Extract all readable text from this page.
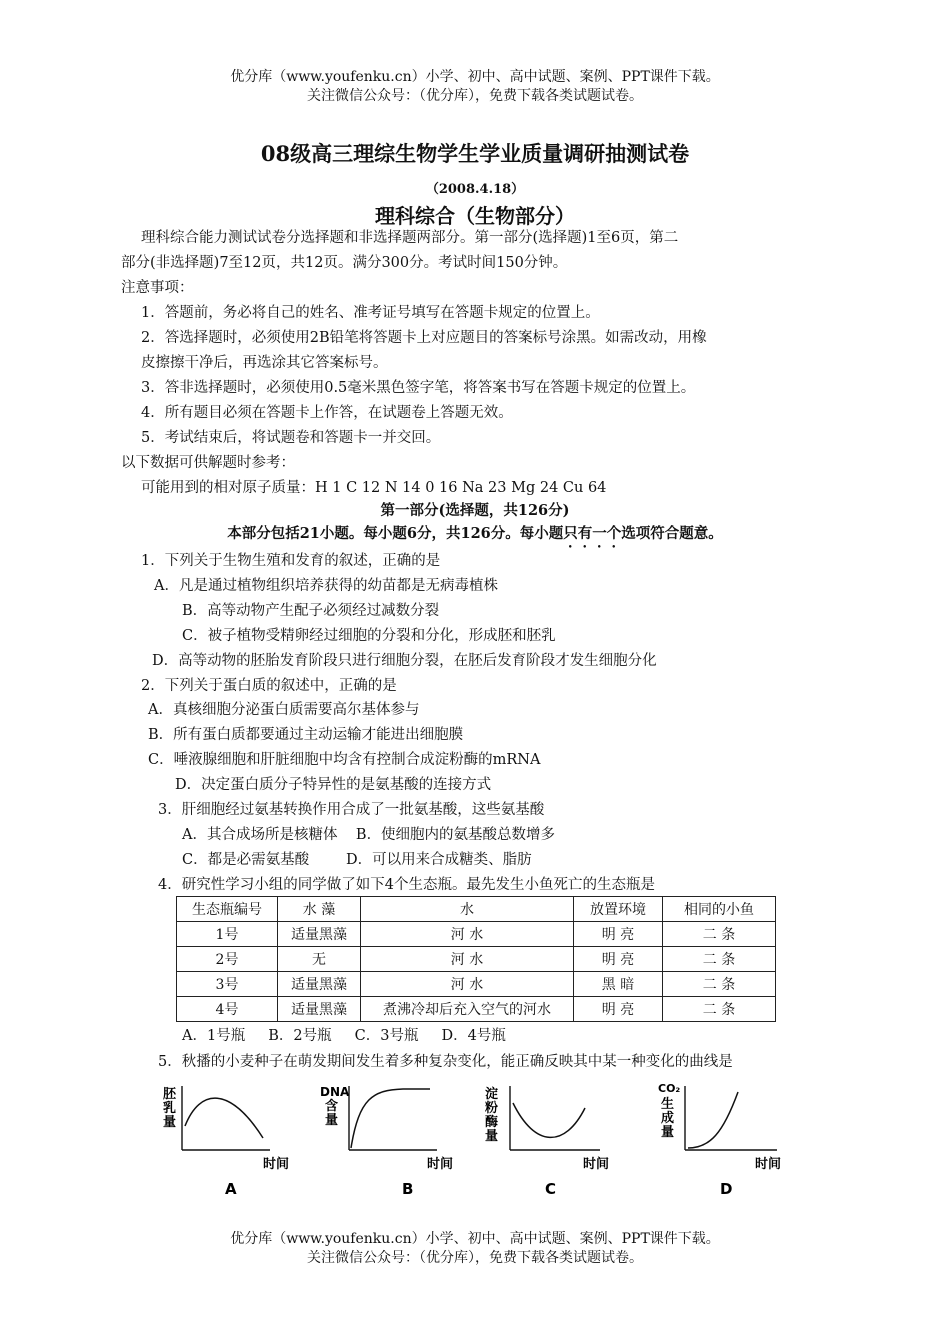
优分库（www.youfenku.cn）小学、初中、高中试题、案例、PPT课件下载。
关注微信公众号：（优分库），免费下载各类试题试卷。
08级高三理综生物学生学业质量调研抽测试卷
（2008.4.18）
理科综合（生物部分）
理科综合能力测试试卷分选择题和非选择题两部分。第一部分(选择题)1至6页，第二
部分(非选择题)7至12页，共12页。满分300分。考试时间150分钟。
注意事项：
1．答题前，务必将自己的姓名、准考证号填写在答题卡规定的位置上。
2．答选择题时，必须使用2B铅笔将答题卡上对应题目的答案标号涂黑。如需改动，用橡
皮擦擦干净后，再选涂其它答案标号。
3．答非选择题时，必须使用0.5毫米黑色签字笔，将答案书写在答题卡规定的位置上。
4．所有题目必须在答题卡上作答，在试题卷上答题无效。
5．考试结束后，将试题卷和答题卡一并交回。
以下数据可供解题时参考：
可能用到的相对原子质量：H 1 C 12 N 14 0 16 Na 23 Mg 24 Cu 64
第一部分(选择题，共126分)
本部分包括21小题。每小题6分，共126分。每小题只有一个选项符合题意。
1．下列关于生物生殖和发育的叙述，正确的是
A．凡是通过植物组织培养获得的幼苗都是无病毒植株
B．高等动物产生配子必须经过减数分裂
C．被子植物受精卵经过细胞的分裂和分化，形成胚和胚乳
D．高等动物的胚胎发育阶段只进行细胞分裂，在胚后发育阶段才发生细胞分化
2．下列关于蛋白质的叙述中，正确的是
A．真核细胞分泌蛋白质需要高尔基体参与
B．所有蛋白质都要通过主动运输才能进出细胞膜
C．唾液腺细胞和肝脏细胞中均含有控制合成淀粉酶的mRNA
D．决定蛋白质分子特异性的是氨基酸的连接方式
3．肝细胞经过氨基转换作用合成了一批氨基酸，这些氨基酸
A．其合成场所是核糖体    B．使细胞内的氨基酸总数增多
C．都是必需氨基酸        D．可以用来合成糖类、脂肪
4．研究性学习小组的同学做了如下4个生态瓶。最先发生小鱼死亡的生态瓶是
生态瓶编号	水 藻	水	放置环境	相同的小鱼
1号	适量黑藻	河 水	明 亮	二 条
2号	无	河 水	明 亮	二 条
3号	适量黑藻	河 水	黑 暗	二 条
4号	适量黑藻	煮沸冷却后充入空气的河水	明 亮	二 条
A．1号瓶     B．2号瓶     C．3号瓶     D．4号瓶
5．秋播的小麦种子在萌发期间发生着多种复杂变化，能正确反映其中某一种变化的曲线是
胚
乳
量
时间
A
DNA
含
量
时间
B
淀
粉
酶
量
时间
C
CO₂
生
成
量
时间
D
优分库（www.youfenku.cn）小学、初中、高中试题、案例、PPT课件下载。
关注微信公众号：（优分库），免费下载各类试题试卷。
